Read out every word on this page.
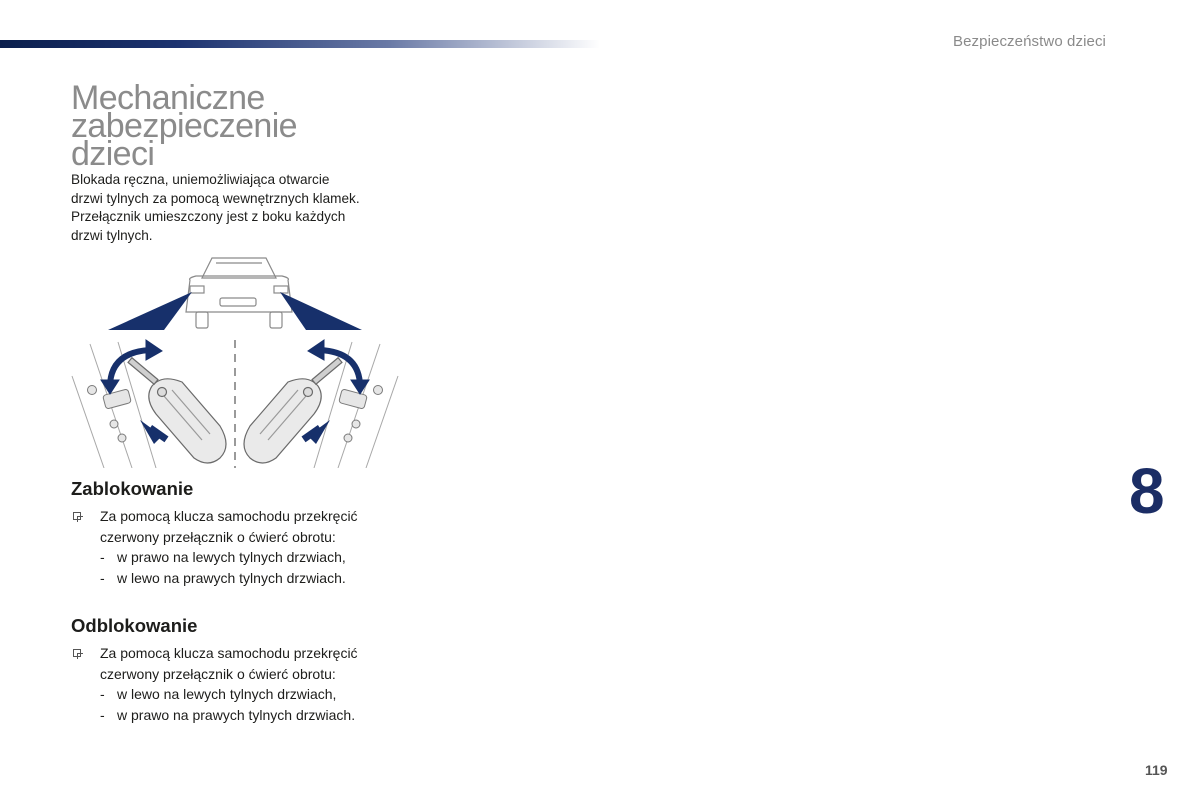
Bezpieczeństwo dzieci
Mechaniczne
zabezpieczenie
dzieci

Blokada ręczna, uniemożliwiająca otwarcie
drzwi tylnych za pomocą wewnętrznych klamek.
Przełącznik umieszczony jest z boku każdych
drzwi tylnych.

Zablokowanie
Za pomocą klucza samochodu przekręcić
czerwony przełącznik o ćwierć obrotu:
- w prawo na lewych tylnych drzwiach,
- w lewo na prawych tylnych drzwiach.
Odblokowanie
Za pomocą klucza samochodu przekręcić
czerwony przełącznik o ćwierć obrotu:
- w lewo na lewych tylnych drzwiach,
- w prawo na prawych tylnych drzwiach.
8
119
